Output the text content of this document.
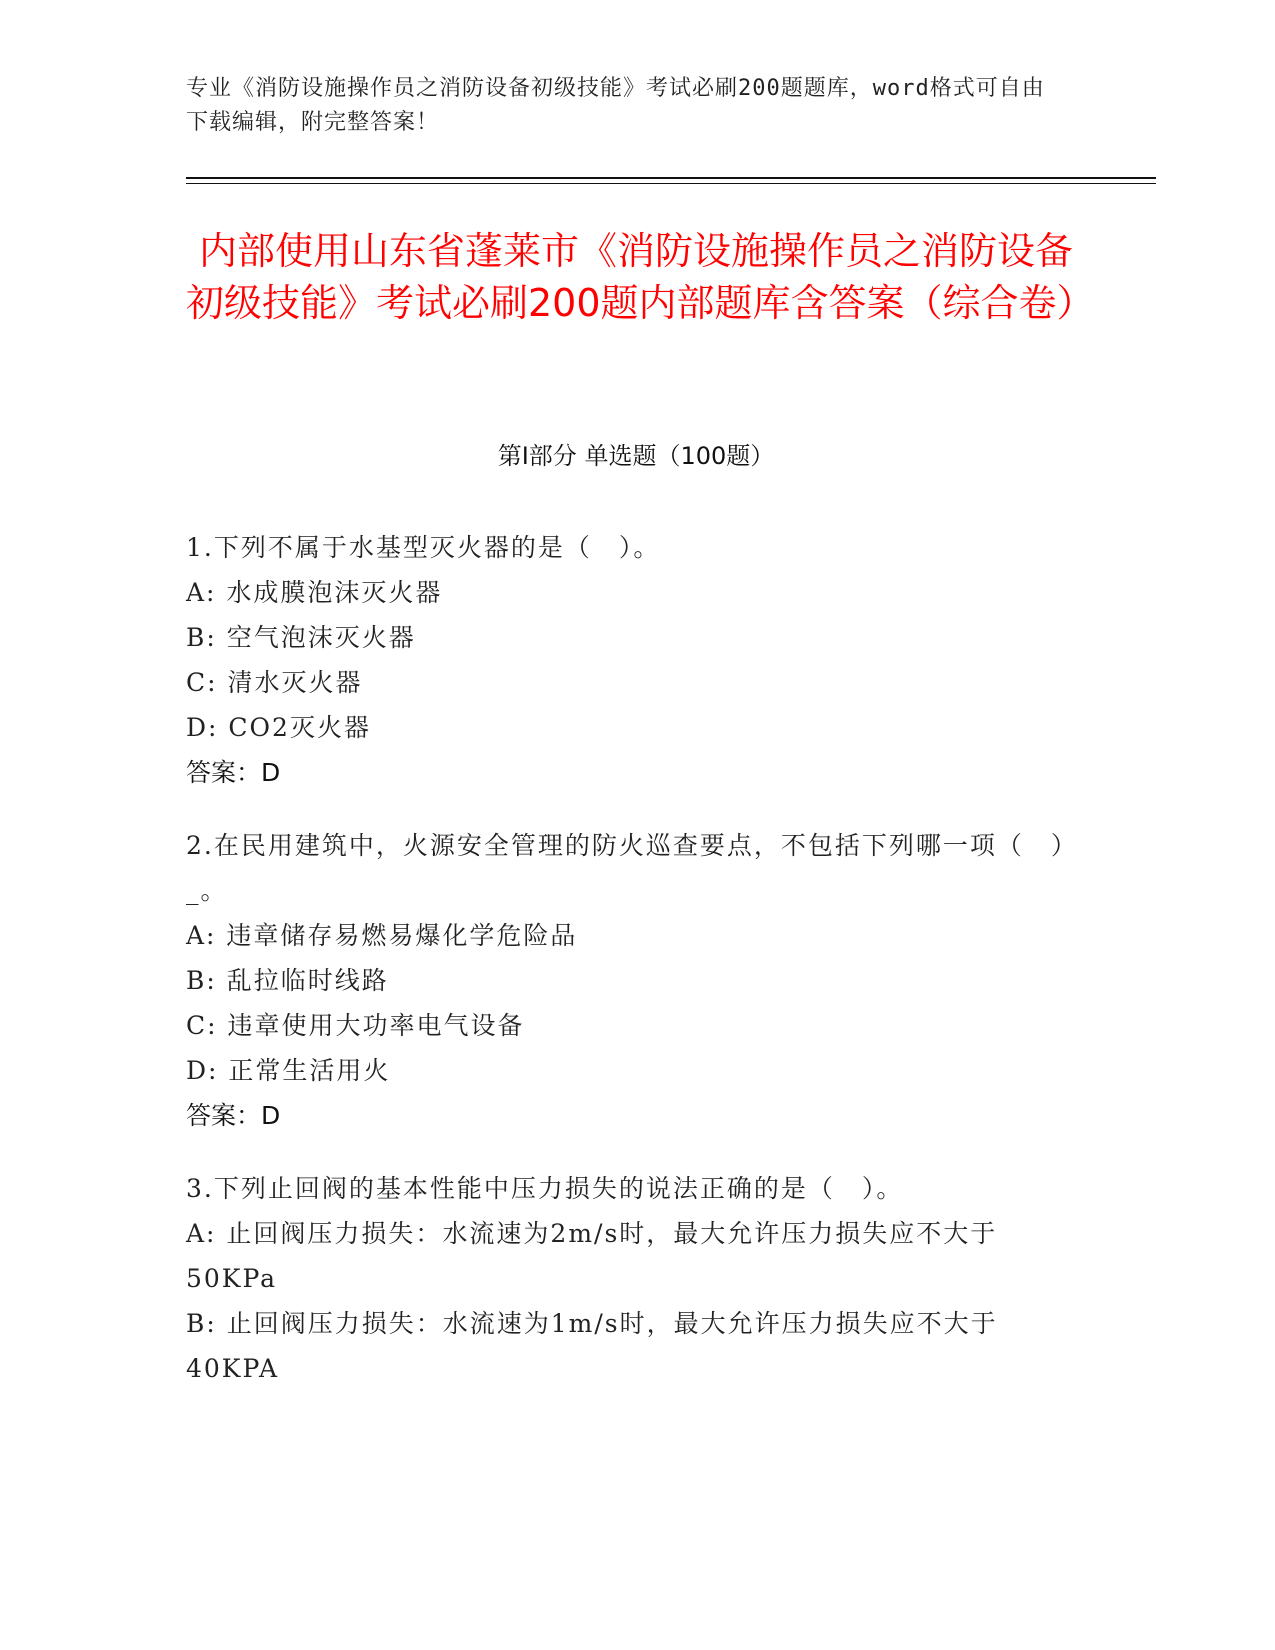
专业《消防设施操作员之消防设备初级技能》考试必刷200题题库，word格式可自由下载编辑，附完整答案！
内部使用山东省蓬莱市《消防设施操作员之消防设备初级技能》考试必刷200题内部题库含答案（综合卷）
第Ⅰ部分 单选题（100题）
1.下列不属于水基型灭火器的是（　）。
A: 水成膜泡沫灭火器
B: 空气泡沫灭火器
C: 清水灭火器
D: CO2灭火器
答案：D
2.在民用建筑中，火源安全管理的防火巡查要点，不包括下列哪一项（　）_。
A: 违章储存易燃易爆化学危险品
B: 乱拉临时线路
C: 违章使用大功率电气设备
D: 正常生活用火
答案：D
3.下列止回阀的基本性能中压力损失的说法正确的是（　）。
A: 止回阀压力损失：水流速为2m/s时，最大允许压力损失应不大于50KPa
B: 止回阀压力损失：水流速为1m/s时，最大允许压力损失应不大于40KPA
